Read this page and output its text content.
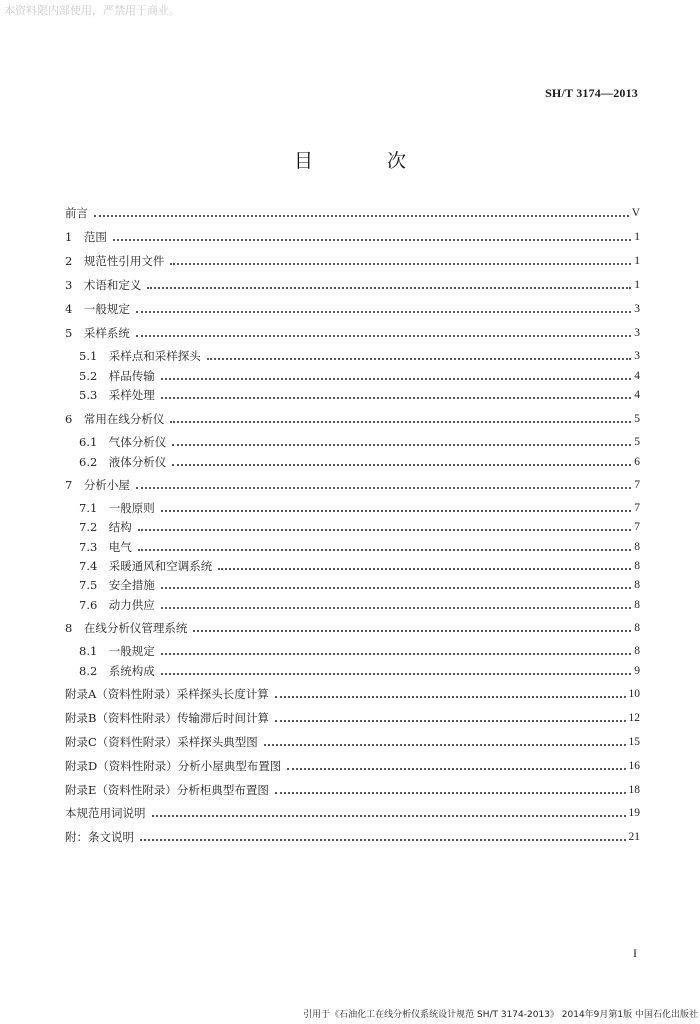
本资料限内部使用，严禁用于商业。
SH/T 3174—2013
目 次
前言	V
1　范围	1
2　规范性引用文件	1
3　术语和定义	1
4　一般规定	3
5　采样系统	3
5.1　采样点和采样探头	3
5.2　样品传输	4
5.3　采样处理	4
6　常用在线分析仪	5
6.1　气体分析仪	5
6.2　液体分析仪	6
7　分析小屋	7
7.1　一般原则	7
7.2　结构	7
7.3　电气	8
7.4　采暖通风和空调系统	8
7.5　安全措施	8
7.6　动力供应	8
8　在线分析仪管理系统	8
8.1　一般规定	8
8.2　系统构成	9
附录A（资料性附录）采样探头长度计算	10
附录B（资料性附录）传输滞后时间计算	12
附录C（资料性附录）采样探头典型图	15
附录D（资料性附录）分析小屋典型布置图	16
附录E（资料性附录）分析柜典型布置图	18
本规范用词说明	19
附：条文说明	21
I
引用于《石油化工在线分析仪系统设计规范 SH/T 3174-2013》 2014年9月第1版 中国石化出版社
